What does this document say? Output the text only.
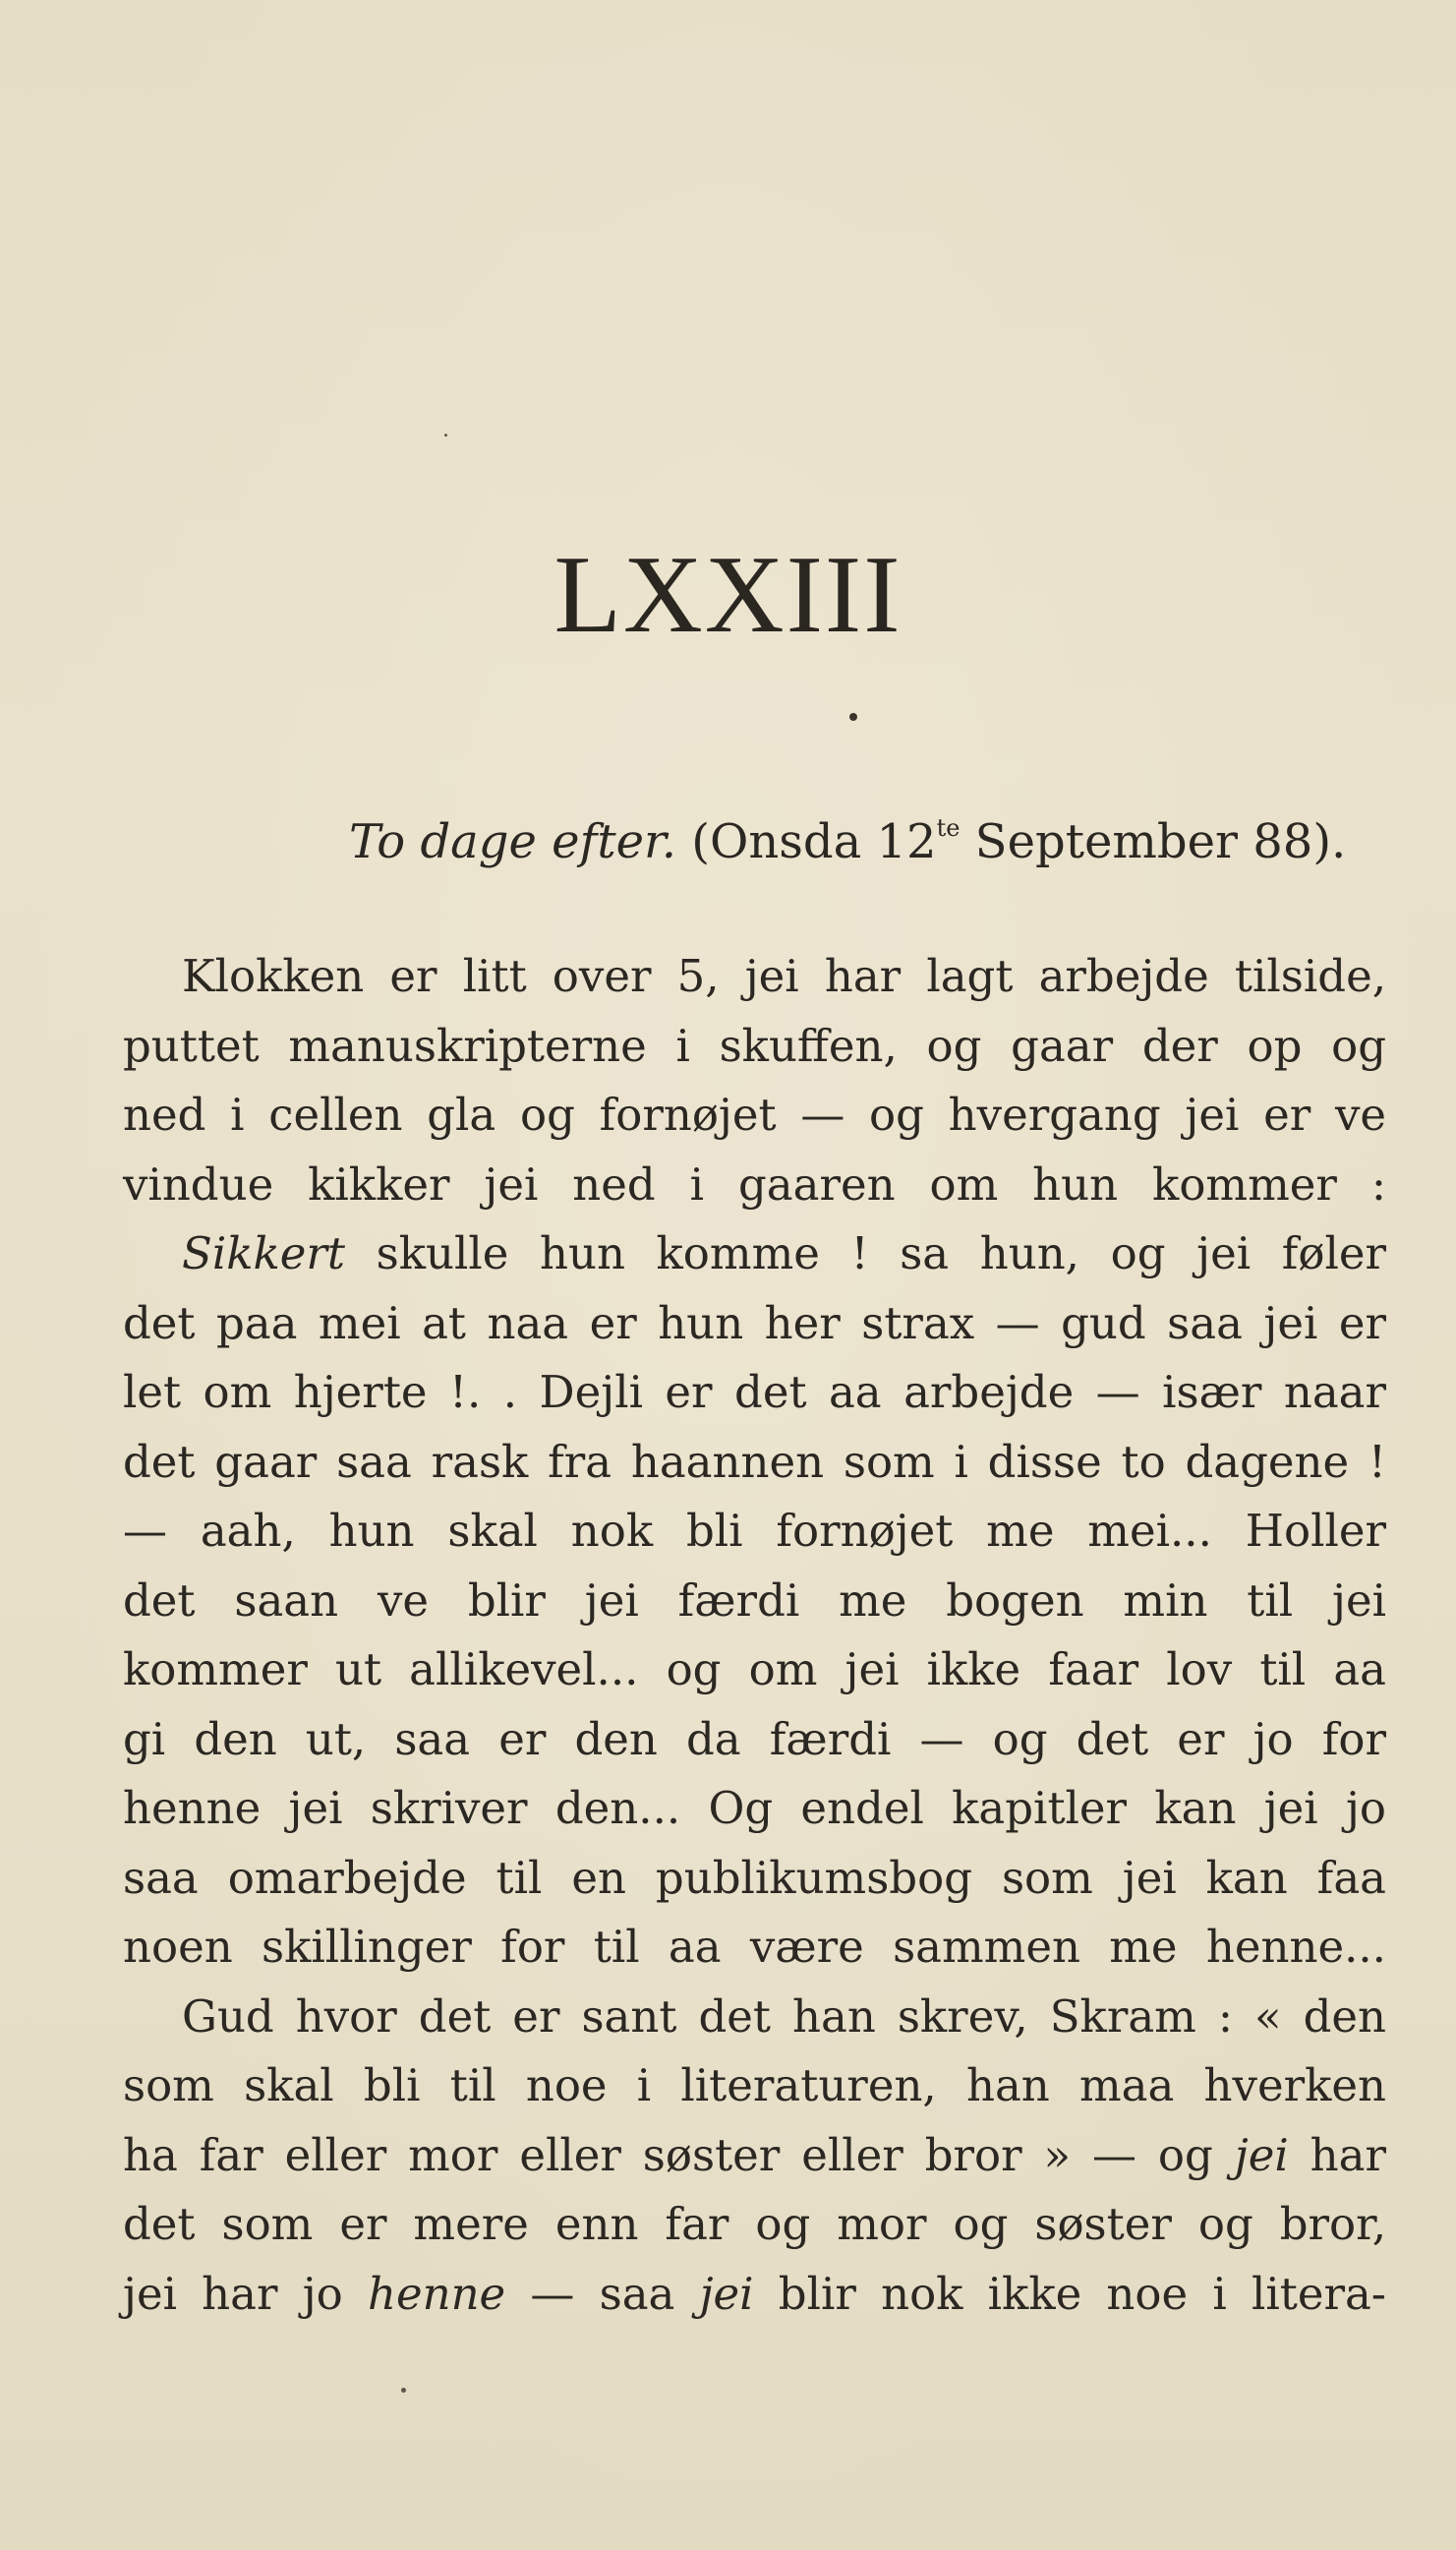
LXXIII
To dage efter. (Onsda $12^{te}$ September 88).
Klokken er litt over 5, jei har lagt arbejde tilside,
puttet manuskripterne i skuffen, og gaar der op og
ned i cellen gla og fornøjet — og hvergang jei er ve
vindue kikker jei ned i gaaren om hun kommer :
Sikkert skulle hun komme ! sa hun, og jei føler
det paa mei at naa er hun her strax — gud saa jei er
let om hjerte !. . Dejli er det aa arbejde — især naar
det gaar saa rask fra haannen som i disse to dagene !
— aah, hun skal nok bli fornøjet me mei... Holler
det saan ve blir jei færdi me bogen min til jei
kommer ut allikevel... og om jei ikke faar lov til aa
gi den ut, saa er den da færdi — og det er jo for
henne jei skriver den... Og endel kapitler kan jei jo
saa omarbejde til en publikumsbog som jei kan faa
noen skillinger for til aa være sammen me henne...
Gud hvor det er sant det han skrev, Skram : « den
som skal bli til noe i literaturen, han maa hverken
ha far eller mor eller søster eller bror » — og jei har
det som er mere enn far og mor og søster og bror,
jei har jo henne — saa jei blir nok ikke noe i litera-
